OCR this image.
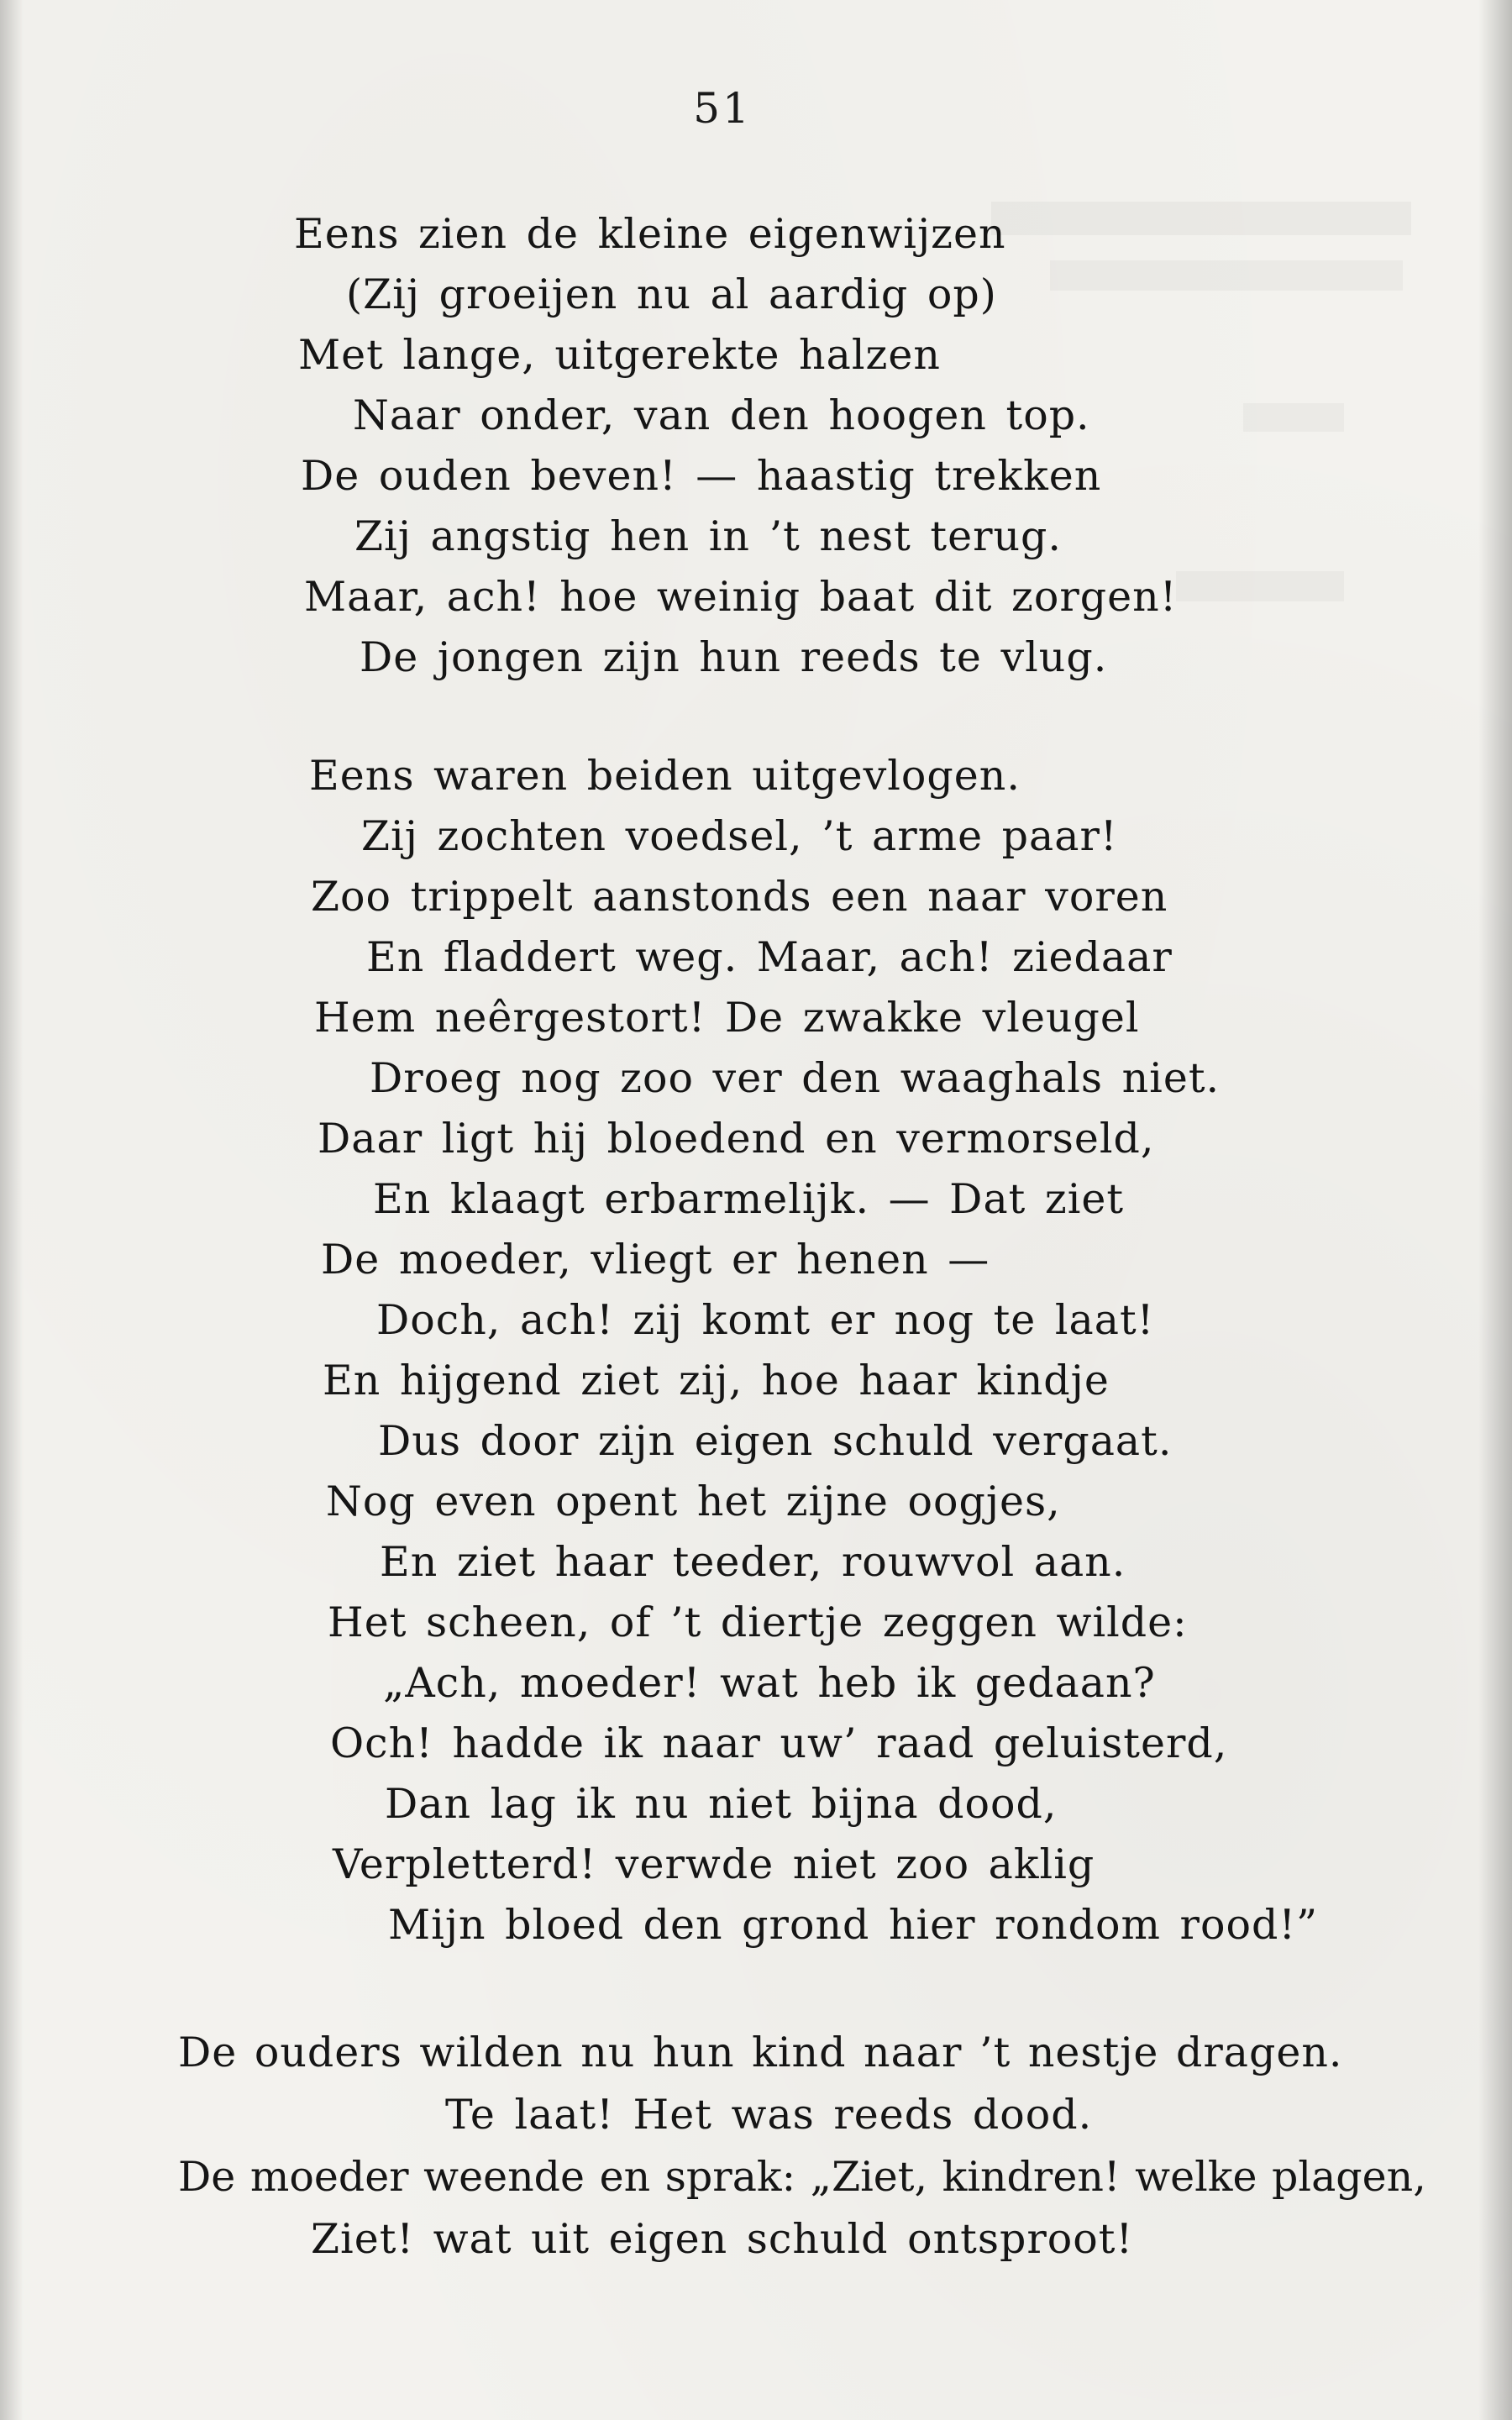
51
Eens zien de kleine eigenwijzen
(Zij groeijen nu al aardig op)
Met lange, uitgerekte halzen
Naar onder, van den hoogen top.
De ouden beven! — haastig trekken
Zij angstig hen in ’t nest terug.
Maar, ach! hoe weinig baat dit zorgen!
De jongen zijn hun reeds te vlug.
Eens waren beiden uitgevlogen.
Zij zochten voedsel, ’t arme paar!
Zoo trippelt aanstonds een naar voren
En fladdert weg. Maar, ach! ziedaar
Hem neêrgestort! De zwakke vleugel
Droeg nog zoo ver den waaghals niet.
Daar ligt hij bloedend en vermorseld,
En klaagt erbarmelijk. — Dat ziet
De moeder, vliegt er henen —
Doch, ach! zij komt er nog te laat!
En hijgend ziet zij, hoe haar kindje
Dus door zijn eigen schuld vergaat.
Nog even opent het zijne oogjes,
En ziet haar teeder, rouwvol aan.
Het scheen, of ’t diertje zeggen wilde:
„Ach, moeder! wat heb ik gedaan?
Och! hadde ik naar uw’ raad geluisterd,
Dan lag ik nu niet bijna dood,
Verpletterd! verwde niet zoo aklig
Mijn bloed den grond hier rondom rood!”
De ouders wilden nu hun kind naar ’t nestje dragen.
Te laat! Het was reeds dood.
De moeder weende en sprak: „Ziet, kindren! welke plagen,
Ziet! wat uit eigen schuld ontsproot!
